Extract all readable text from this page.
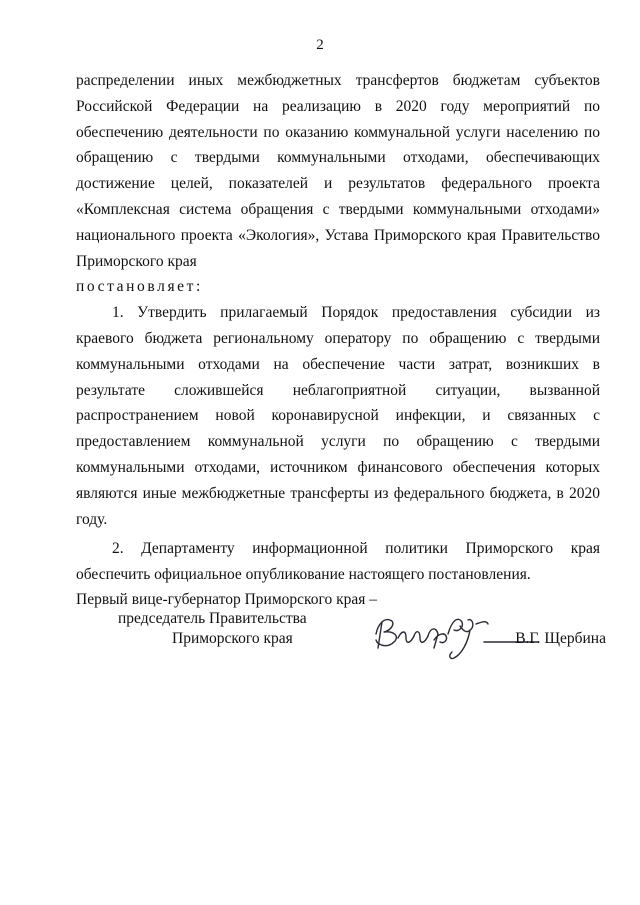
2

распределении иных межбюджетных трансфертов бюджетам субъектов Российской Федерации на реализацию в 2020 году мероприятий по обеспечению деятельности по оказанию коммунальной услуги населению по обращению с твердыми коммунальными отходами, обеспечивающих достижение целей, показателей и результатов федерального проекта «Комплексная система обращения с твердыми коммунальными отходами» национального проекта «Экология», Устава Приморского края Правительство Приморского края

постановляет:

1. Утвердить прилагаемый Порядок предоставления субсидии из краевого бюджета региональному оператору по обращению с твердыми коммунальными отходами на обеспечение части затрат, возникших в результате сложившейся неблагоприятной ситуации, вызванной распространением новой коронавирусной инфекции, и связанных с предоставлением коммунальной услуги по обращению с твердыми коммунальными отходами, источником финансового обеспечения которых являются иные межбюджетные трансферты из федерального бюджета, в 2020 году.

2. Департаменту информационной политики Приморского края обеспечить официальное опубликование настоящего постановления.

Первый вице-губернатор Приморского края –
председатель Правительства
Приморского края	В.Г. Щербина
